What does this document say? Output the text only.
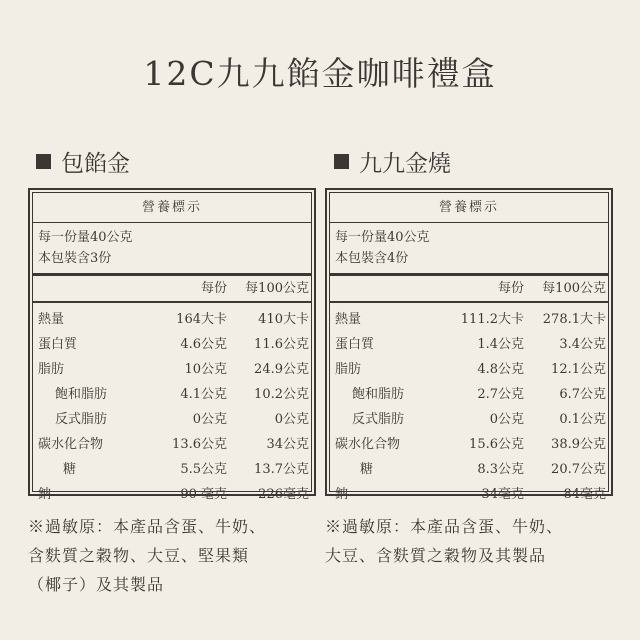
12C九九餡金咖啡禮盒
包餡金
營養標示
每一份量40公克
本包裝含3份
每份	每100公克
熱量	164大卡	410大卡
蛋白質	4.6公克	11.6公克
脂肪	10公克	24.9公克
飽和脂肪	4.1公克	10.2公克
反式脂肪	0公克	0公克
碳水化合物	13.6公克	34公克
糖	5.5公克	13.7公克
鈉	90 毫克	226毫克
※過敏原：本產品含蛋、牛奶、
含麩質之穀物、大豆、堅果類
（椰子）及其製品
九九金燒
營養標示
每一份量40公克
本包裝含4份
每份	每100公克
熱量	111.2大卡	278.1大卡
蛋白質	1.4公克	3.4公克
脂肪	4.8公克	12.1公克
飽和脂肪	2.7公克	6.7公克
反式脂肪	0公克	0.1公克
碳水化合物	15.6公克	38.9公克
糖	8.3公克	20.7公克
鈉	34毫克	84毫克
※過敏原：本產品含蛋、牛奶、
大豆、含麩質之穀物及其製品
